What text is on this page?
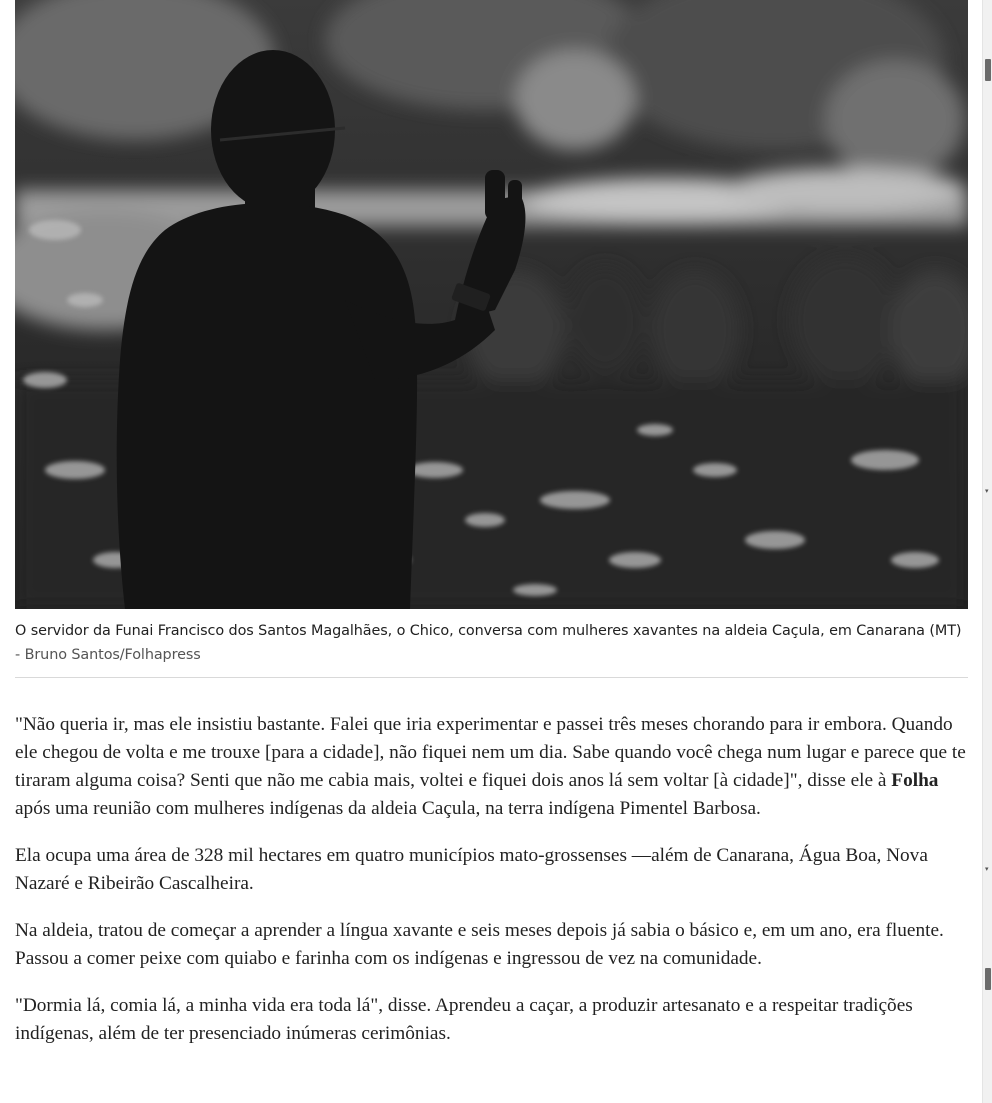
O servidor da Funai Francisco dos Santos Magalhães, o Chico, conversa com mulheres xavantes na aldeia Caçula, em Canarana (MT) - Bruno Santos/Folhapress

"Não queria ir, mas ele insistiu bastante. Falei que iria experimentar e passei três meses chorando para ir embora. Quando ele chegou de volta e me trouxe [para a cidade], não fiquei nem um dia. Sabe quando você chega num lugar e parece que te tiraram alguma coisa? Senti que não me cabia mais, voltei e fiquei dois anos lá sem voltar [à cidade]", disse ele à Folha após uma reunião com mulheres indígenas da aldeia Caçula, na terra indígena Pimentel Barbosa.

Ela ocupa uma área de 328 mil hectares em quatro municípios mato-grossenses —além de Canarana, Água Boa, Nova Nazaré e Ribeirão Cascalheira.

Na aldeia, tratou de começar a aprender a língua xavante e seis meses depois já sabia o básico e, em um ano, era fluente. Passou a comer peixe com quiabo e farinha com os indígenas e ingressou de vez na comunidade.

"Dormia lá, comia lá, a minha vida era toda lá", disse. Aprendeu a caçar, a produzir artesanato e a respeitar tradições indígenas, além de ter presenciado inúmeras cerimônias.

▾
▾
